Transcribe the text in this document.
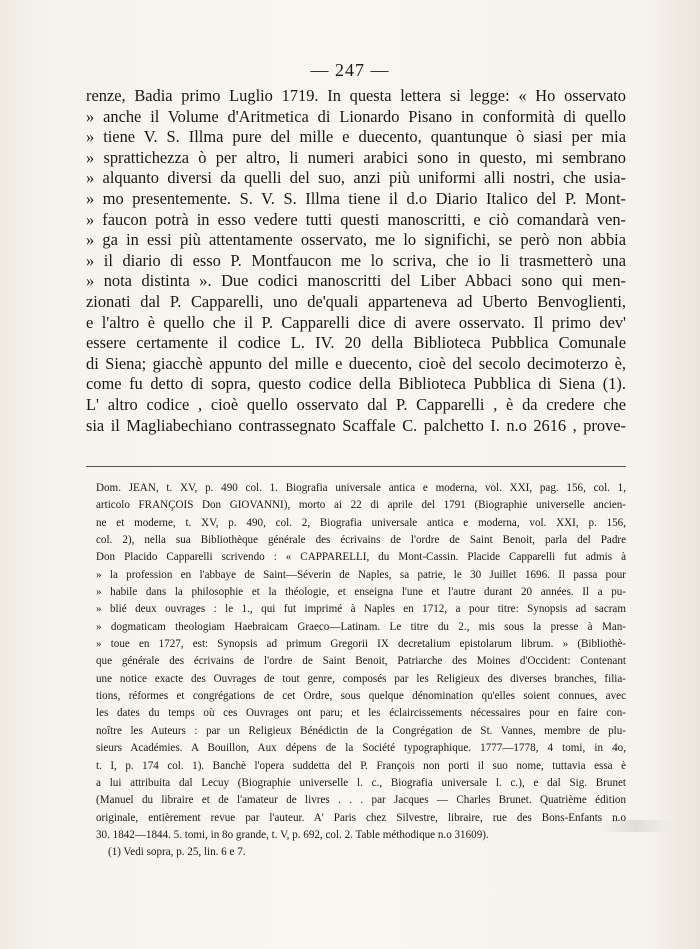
— 247 —
renze, Badia primo Luglio 1719. In questa lettera si legge: « Ho osservato
» anche il Volume d'Aritmetica di Lionardo Pisano in conformità di quello
» tiene V. S. Illma pure del mille e duecento, quantunque ò siasi per mia
» sprattichezza ò per altro, li numeri arabici sono in questo, mi sembrano
» alquanto diversi da quelli del suo, anzi più uniformi alli nostri, che usia-
» mo presentemente. S. V. S. Illma tiene il d.o Diario Italico del P. Mont-
» faucon potrà in esso vedere tutti questi manoscritti, e ciò comandarà ven-
» ga in essi più attentamente osservato, me lo significhi, se però non abbia
» il diario di esso P. Montfaucon me lo scriva, che io li trasmetterò una
» nota distinta ». Due codici manoscritti del Liber Abbaci sono qui men-
zionati dal P. Capparelli, uno de'quali apparteneva ad Uberto Benvoglienti,
e l'altro è quello che il P. Capparelli dice di avere osservato. Il primo dev'
essere certamente il codice L. IV. 20 della Biblioteca Pubblica Comunale
di Siena; giacchè appunto del mille e duecento, cioè del secolo decimoterzo è,
come fu detto di sopra, questo codice della Biblioteca Pubblica di Siena (1).
L' altro codice , cioè quello osservato dal P. Capparelli , è da credere che
sia il Magliabechiano contrassegnato Scaffale C. palchetto I. n.o 2616 , prove-
Dom. JEAN, t. XV, p. 490 col. 1. Biografia universale antica e moderna, vol. XXI, pag. 156, col. 1,
articolo FRANÇOIS Don GIOVANNI), morto ai 22 di aprile del 1791 (Biographie universelle ancien-
ne et moderne, t. XV, p. 490, col. 2, Biografia universale antica e moderna, vol. XXI, p. 156,
col. 2), nella sua Bibliothèque générale des écrivains de l'ordre de Saint Benoit, parla del Padre
Don Placido Capparelli scrivendo : « CAPPARELLI, du Mont-Cassin. Placide Capparelli fut admis à
» la profession en l'abbaye de Saint—Séverin de Naples, sa patrie, le 30 Juillet 1696. Il passa pour
» habile dans la philosophie et la théologie, et enseigna l'une et l'autre durant 20 années. Il a pu-
» blié deux ouvrages : le 1., qui fut imprimé à Naples en 1712, a pour titre: Synopsis ad sacram
» dogmaticam theologiam Haebraicam Graeco—Latinam. Le titre du 2., mis sous la presse à Man-
» toue en 1727, est: Synopsis ad primum Gregorii IX decretalium epistolarum librum. » (Bibliothè-
que générale des écrivains de l'ordre de Saint Benoit, Patriarche des Moines d'Occident: Contenant
une notice exacte des Ouvrages de tout genre, composés par les Religieux des diverses branches, filia-
tions, réformes et congrégations de cet Ordre, sous quelque dénomination qu'elles soient connues, avec
les dates du temps où ces Ouvrages ont paru; et les éclaircissements nécessaires pour en faire con-
noître les Auteurs : par un Religieux Bénédictin de la Congrégation de St. Vannes, membre de plu-
sieurs Académies. A Bouillon, Aux dépens de la Société typographique. 1777—1778, 4 tomi, in 4o,
t. I, p. 174 col. 1). Banchè l'opera suddetta del P. François non porti il suo nome, tuttavia essa è
a lui attribuita dal Lecuy (Biographie universelle l. c., Biografia universale l. c.), e dal Sig. Brunet
(Manuel du libraire et de l'amateur de livres . . . par Jacques — Charles Brunet. Quatrième édition
originale, entièrement revue par l'auteur. A' Paris chez Silvestre, libraire, rue des Bons-Enfants n.o
30. 1842—1844. 5. tomi, in 8o grande, t. V, p. 692, col. 2. Table méthodique n.o 31609).
(1) Vedi sopra, p. 25, lin. 6 e 7.
